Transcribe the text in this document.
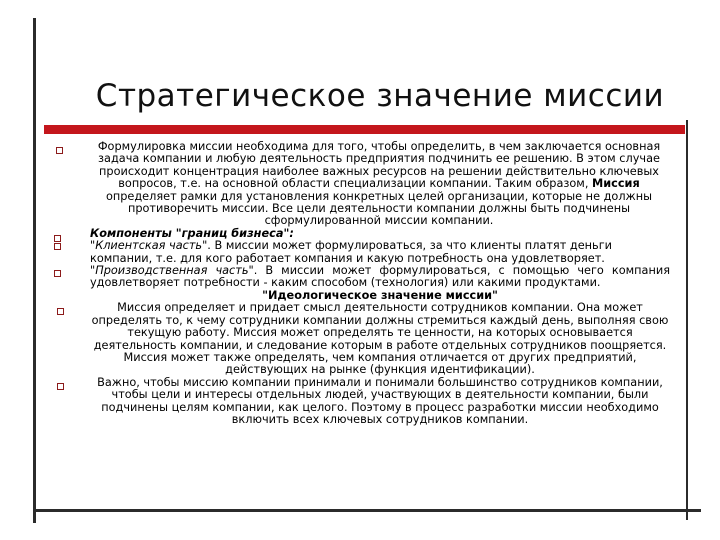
Стратегическое значение миссии
Формулировка миссии необходима для того, чтобы определить, в чем заключается основная задача компании и любую деятельность предприятия подчинить ее решению. В этом случае происходит концентрация наиболее важных ресурсов на решении действительно ключевых вопросов, т.е. на основной области специализации компании. Таким образом, Миссия определяет рамки для установления конкретных целей организации, которые не должны противоречить миссии. Все цели деятельности компании должны быть подчинены сформулированной миссии компании.
Компоненты "границ бизнеса":
"Клиентская часть". В миссии может формулироваться, за что клиенты платят деньги компании, т.е. для кого работает компания и какую потребность она удовлетворяет.
"Производственная часть". В миссии может формулироваться, с помощью чего компания удовлетворяет потребности - каким способом (технология) или какими продуктами.
"Идеологическое значение миссии"
Миссия определяет и придает смысл деятельности сотрудников компании. Она может определять то, к чему сотрудники компании должны стремиться каждый день, выполняя свою текущую работу. Миссия может определять те ценности, на которых основывается деятельность компании, и следование которым в работе отдельных сотрудников поощряется. Миссия может также определять, чем компания отличается от других предприятий, действующих на рынке (функция идентификации).
Важно, чтобы миссию компании принимали и понимали большинство сотрудников компании, чтобы цели и интересы отдельных людей, участвующих в деятельности компании, были подчинены целям компании, как целого. Поэтому в процесс разработки миссии необходимо включить всех ключевых сотрудников компании.
